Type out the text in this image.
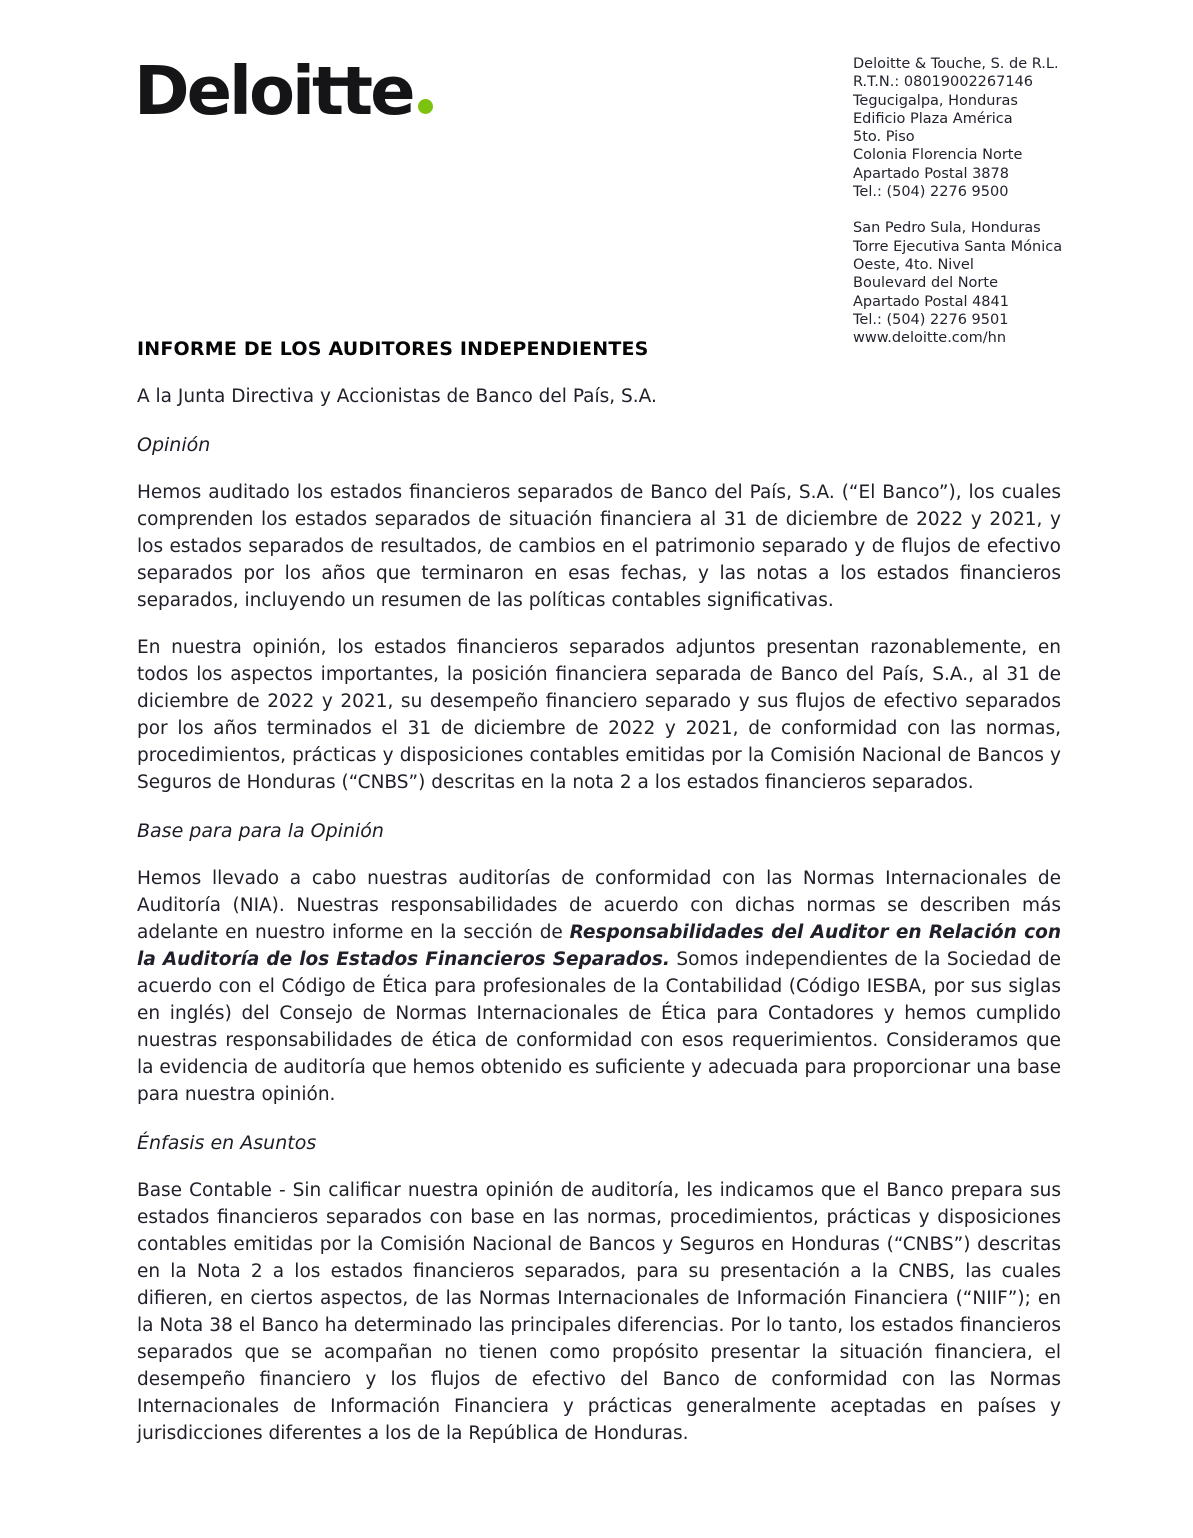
Deloitte	Deloitte & Touche, S. de R.L.
R.T.N.: 08019002267146
Tegucigalpa, Honduras
Edificio Plaza América
5to. Piso
Colonia Florencia Norte
Apartado Postal 3878
Tel.: (504) 2276 9500
San Pedro Sula, Honduras
Torre Ejecutiva Santa Mónica
Oeste, 4to. Nivel
Boulevard del Norte
Apartado Postal 4841
Tel.: (504) 2276 9501
www.deloitte.com/hn
INFORME DE LOS AUDITORES INDEPENDIENTES

A la Junta Directiva y Accionistas de Banco del País, S.A.

Opinión

Hemos auditado los estados financieros separados de Banco del País, S.A. (“El Banco”), los cuales comprenden los estados separados de situación financiera al 31 de diciembre de 2022 y 2021, y los estados separados de resultados, de cambios en el patrimonio separado y de flujos de efectivo separados por los años que terminaron en esas fechas, y las notas a los estados financieros separados, incluyendo un resumen de las políticas contables significativas.

En nuestra opinión, los estados financieros separados adjuntos presentan razonablemente, en todos los aspectos importantes, la posición financiera separada de Banco del País, S.A., al 31 de diciembre de 2022 y 2021, su desempeño financiero separado y sus flujos de efectivo separados por los años terminados el 31 de diciembre de 2022 y 2021, de conformidad con las normas, procedimientos, prácticas y disposiciones contables emitidas por la Comisión Nacional de Bancos y Seguros de Honduras (“CNBS”) descritas en la nota 2 a los estados financieros separados.

Base para para la Opinión

Hemos llevado a cabo nuestras auditorías de conformidad con las Normas Internacionales de Auditoría (NIA). Nuestras responsabilidades de acuerdo con dichas normas se describen más adelante en nuestro informe en la sección de Responsabilidades del Auditor en Relación con la Auditoría de los Estados Financieros Separados. Somos independientes de la Sociedad de acuerdo con el Código de Ética para profesionales de la Contabilidad (Código IESBA, por sus siglas en inglés) del Consejo de Normas Internacionales de Ética para Contadores y hemos cumplido nuestras responsabilidades de ética de conformidad con esos requerimientos. Consideramos que la evidencia de auditoría que hemos obtenido es suficiente y adecuada para proporcionar una base para nuestra opinión.

Énfasis en Asuntos

Base Contable - Sin calificar nuestra opinión de auditoría, les indicamos que el Banco prepara sus estados financieros separados con base en las normas, procedimientos, prácticas y disposiciones contables emitidas por la Comisión Nacional de Bancos y Seguros en Honduras (“CNBS”) descritas en la Nota 2 a los estados financieros separados, para su presentación a la CNBS, las cuales difieren, en ciertos aspectos, de las Normas Internacionales de Información Financiera (“NIIF”); en la Nota 38 el Banco ha determinado las principales diferencias. Por lo tanto, los estados financieros separados que se acompañan no tienen como propósito presentar la situación financiera, el desempeño financiero y los flujos de efectivo del Banco de conformidad con las Normas Internacionales de Información Financiera y prácticas generalmente aceptadas en países y jurisdicciones diferentes a los de la República de Honduras.
